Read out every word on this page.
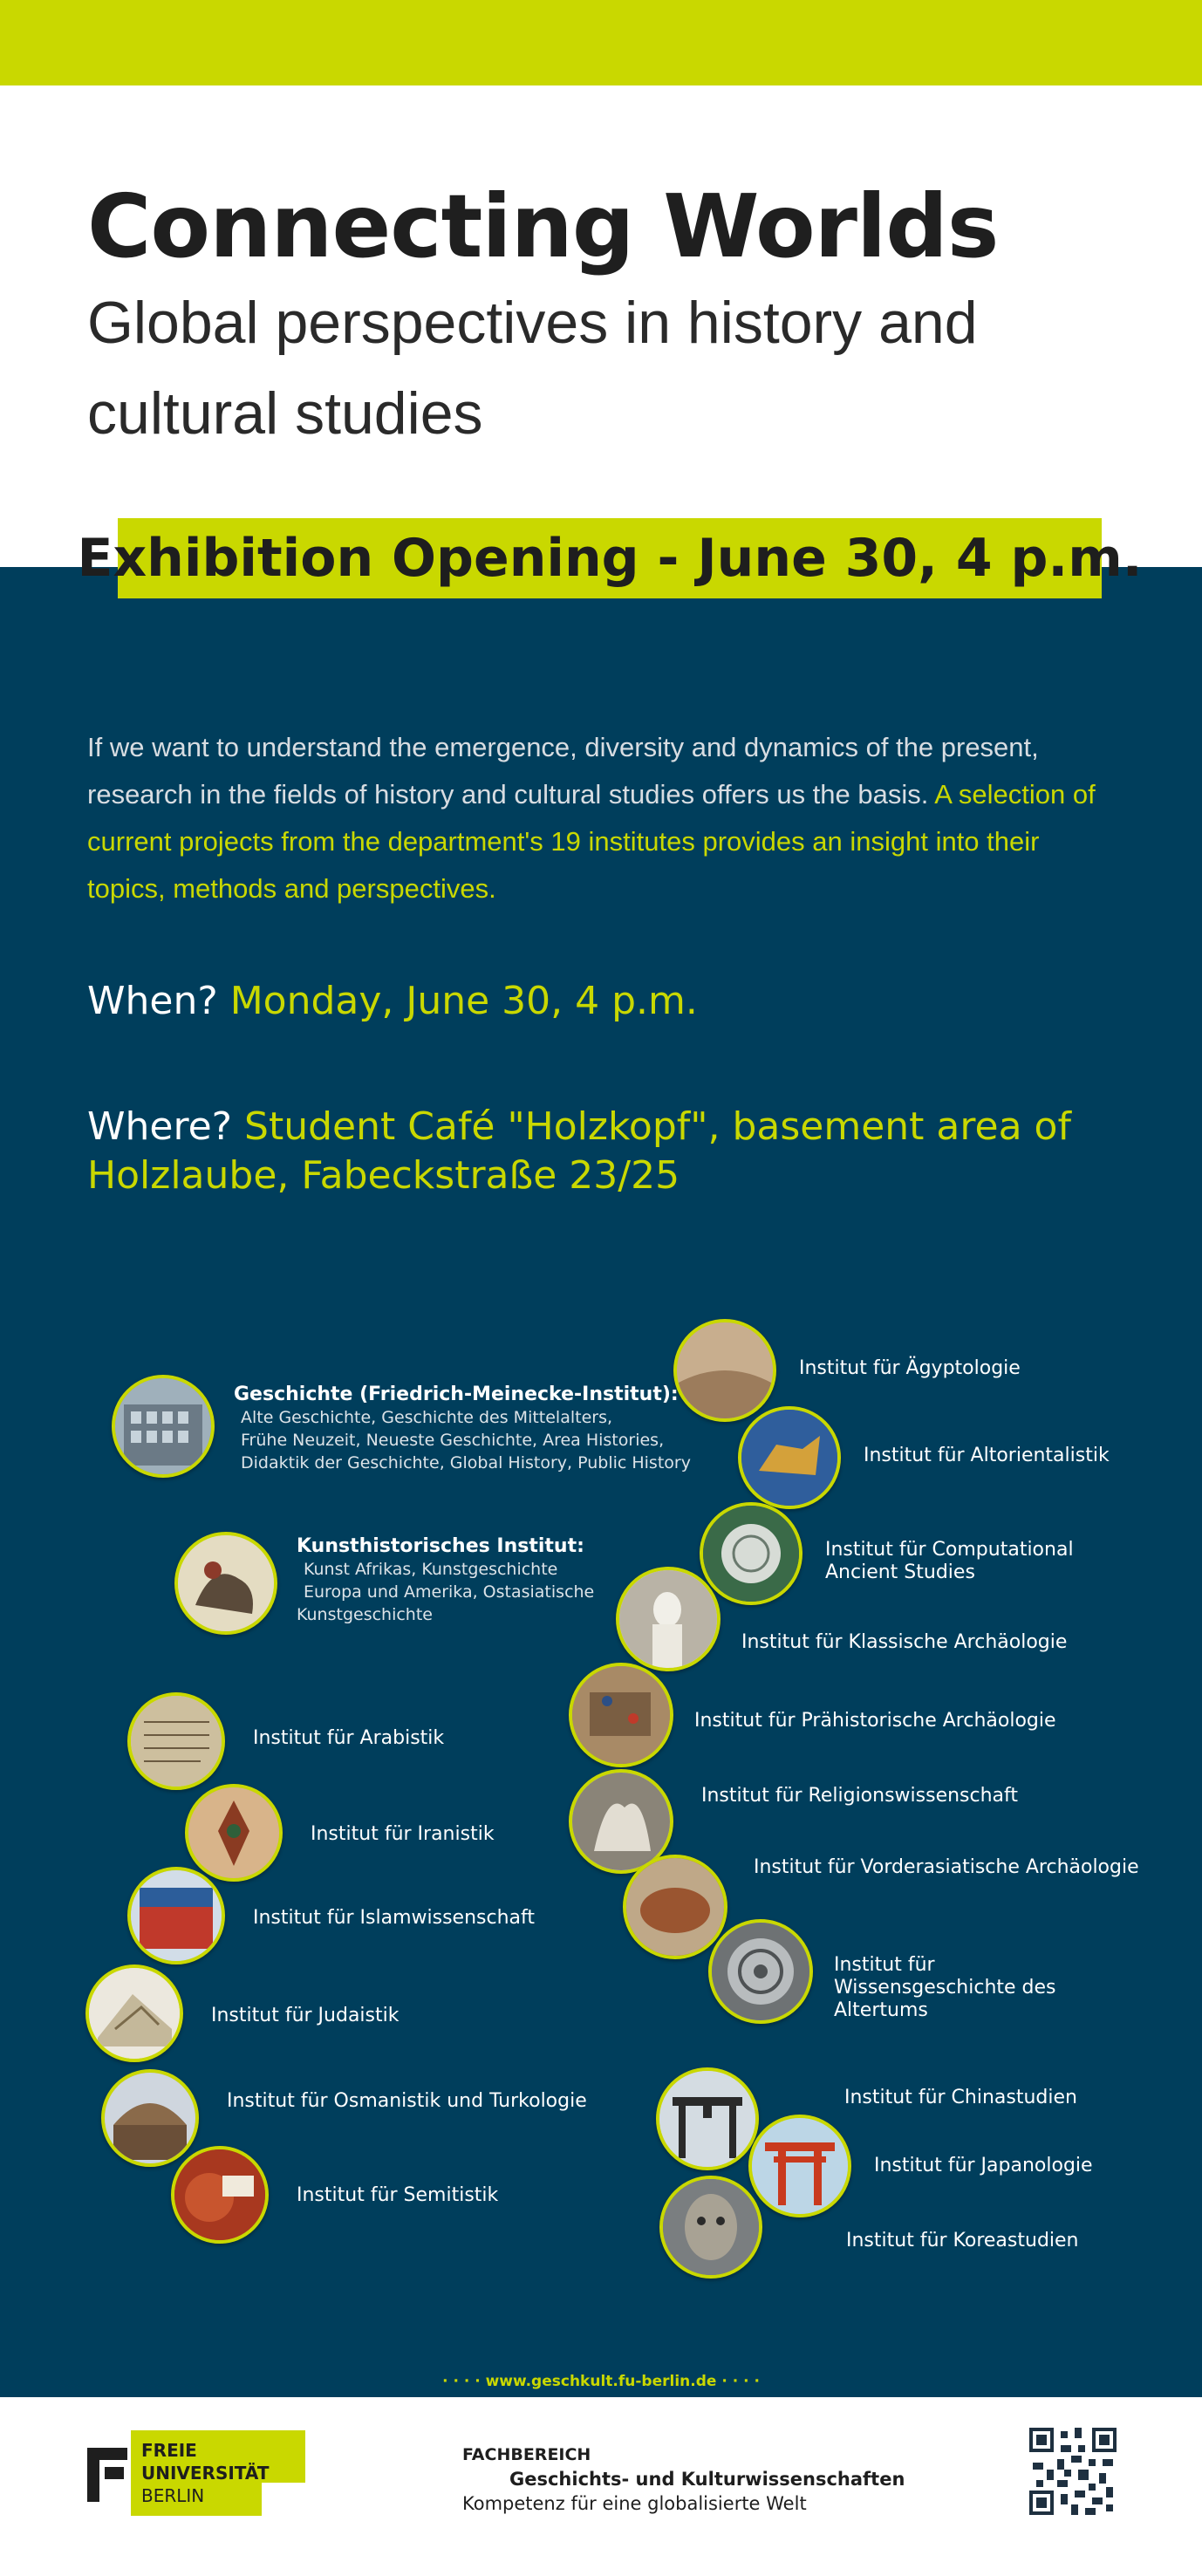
Connecting Worlds
Global perspectives in history and cultural studies
Exhibition Opening - June 30, 4 p.m.
If we want to understand the emergence, diversity and dynamics of the present, research in the fields of history and cultural studies offers us the basis. A selection of current projects from the department's 19 institutes provides an insight into their topics, methods and perspectives.
When? Monday, June 30, 4 p.m.
Where? Student Café "Holzkopf", basement area of Holzlaube, Fabeckstraße 23/25
Geschichte (Friedrich-Meinecke-Institut):
Alte Geschichte, Geschichte des Mittelalters,
Frühe Neuzeit, Neueste Geschichte, Area Histories,
Didaktik der Geschichte, Global History, Public History
Kunsthistorisches Institut:
Kunst Afrikas, Kunstgeschichte
Europa und Amerika, Ostasiatische
Kunstgeschichte
Institut für Arabistik
Institut für Iranistik
Institut für Islamwissenschaft
Institut für Judaistik
Institut für Osmanistik und Turkologie
Institut für Semitistik
Institut für Ägyptologie
Institut für Altorientalistik
Institut für Computational Ancient Studies
Institut für Klassische Archäologie
Institut für Prähistorische Archäologie
Institut für Religionswissenschaft
Institut für Vorderasiatische Archäologie
Institut für Wissensgeschichte des Altertums
Institut für Chinastudien
Institut für Japanologie
Institut für Koreastudien
· · · · www.geschkult.fu-berlin.de · · · ·
FREIE
UNIVERSITÄT
BERLIN
FACHBEREICH
Geschichts- und Kulturwissenschaften
Kompetenz für eine globalisierte Welt
